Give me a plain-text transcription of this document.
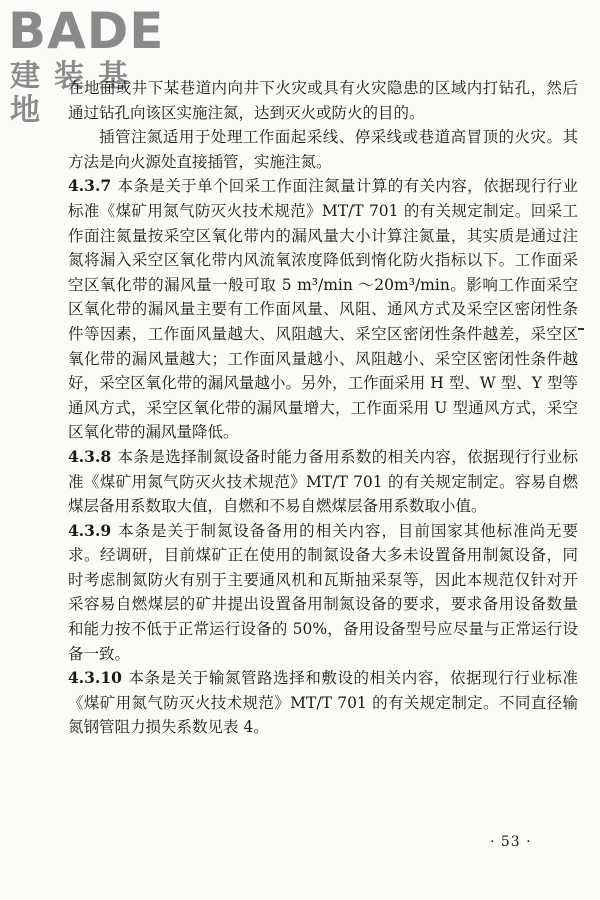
BADE
建装基地

在地面或井下某巷道内向井下火灾或具有火灾隐患的区域内打钻孔，然后通过钻孔向该区实施注氮，达到灭火或防火的目的。

插管注氮适用于处理工作面起采线、停采线或巷道高冒顶的火灾。其方法是向火源处直接插管，实施注氮。

4.3.7 本条是关于单个回采工作面注氮量计算的有关内容，依据现行行业标准《煤矿用氮气防灭火技术规范》MT/T 701 的有关规定制定。回采工作面注氮量按采空区氧化带内的漏风量大小计算注氮量，其实质是通过注氮将漏入采空区氧化带内风流氧浓度降低到惰化防火指标以下。工作面采空区氧化带的漏风量一般可取 5 m³/min ～20m³/min。影响工作面采空区氧化带的漏风量主要有工作面风量、风阻、通风方式及采空区密闭性条件等因素，工作面风量越大、风阻越大、采空区密闭性条件越差，采空区氧化带的漏风量越大；工作面风量越小、风阻越小、采空区密闭性条件越好，采空区氧化带的漏风量越小。另外，工作面采用 H 型、W 型、Y 型等通风方式，采空区氧化带的漏风量增大，工作面采用 U 型通风方式，采空区氧化带的漏风量降低。

4.3.8 本条是选择制氮设备时能力备用系数的相关内容，依据现行行业标准《煤矿用氮气防灭火技术规范》MT/T 701 的有关规定制定。容易自燃煤层备用系数取大值，自燃和不易自燃煤层备用系数取小值。

4.3.9 本条是关于制氮设备备用的相关内容，目前国家其他标准尚无要求。经调研，目前煤矿正在使用的制氮设备大多未设置备用制氮设备，同时考虑制氮防火有别于主要通风机和瓦斯抽采泵等，因此本规范仅针对开采容易自燃煤层的矿井提出设置备用制氮设备的要求，要求备用设备数量和能力按不低于正常运行设备的 50%，备用设备型号应尽量与正常运行设备一致。

4.3.10 本条是关于输氮管路选择和敷设的相关内容，依据现行行业标准《煤矿用氮气防灭火技术规范》MT/T 701 的有关规定制定。不同直径输氮钢管阻力损失系数见表 4。

· 53 ·
